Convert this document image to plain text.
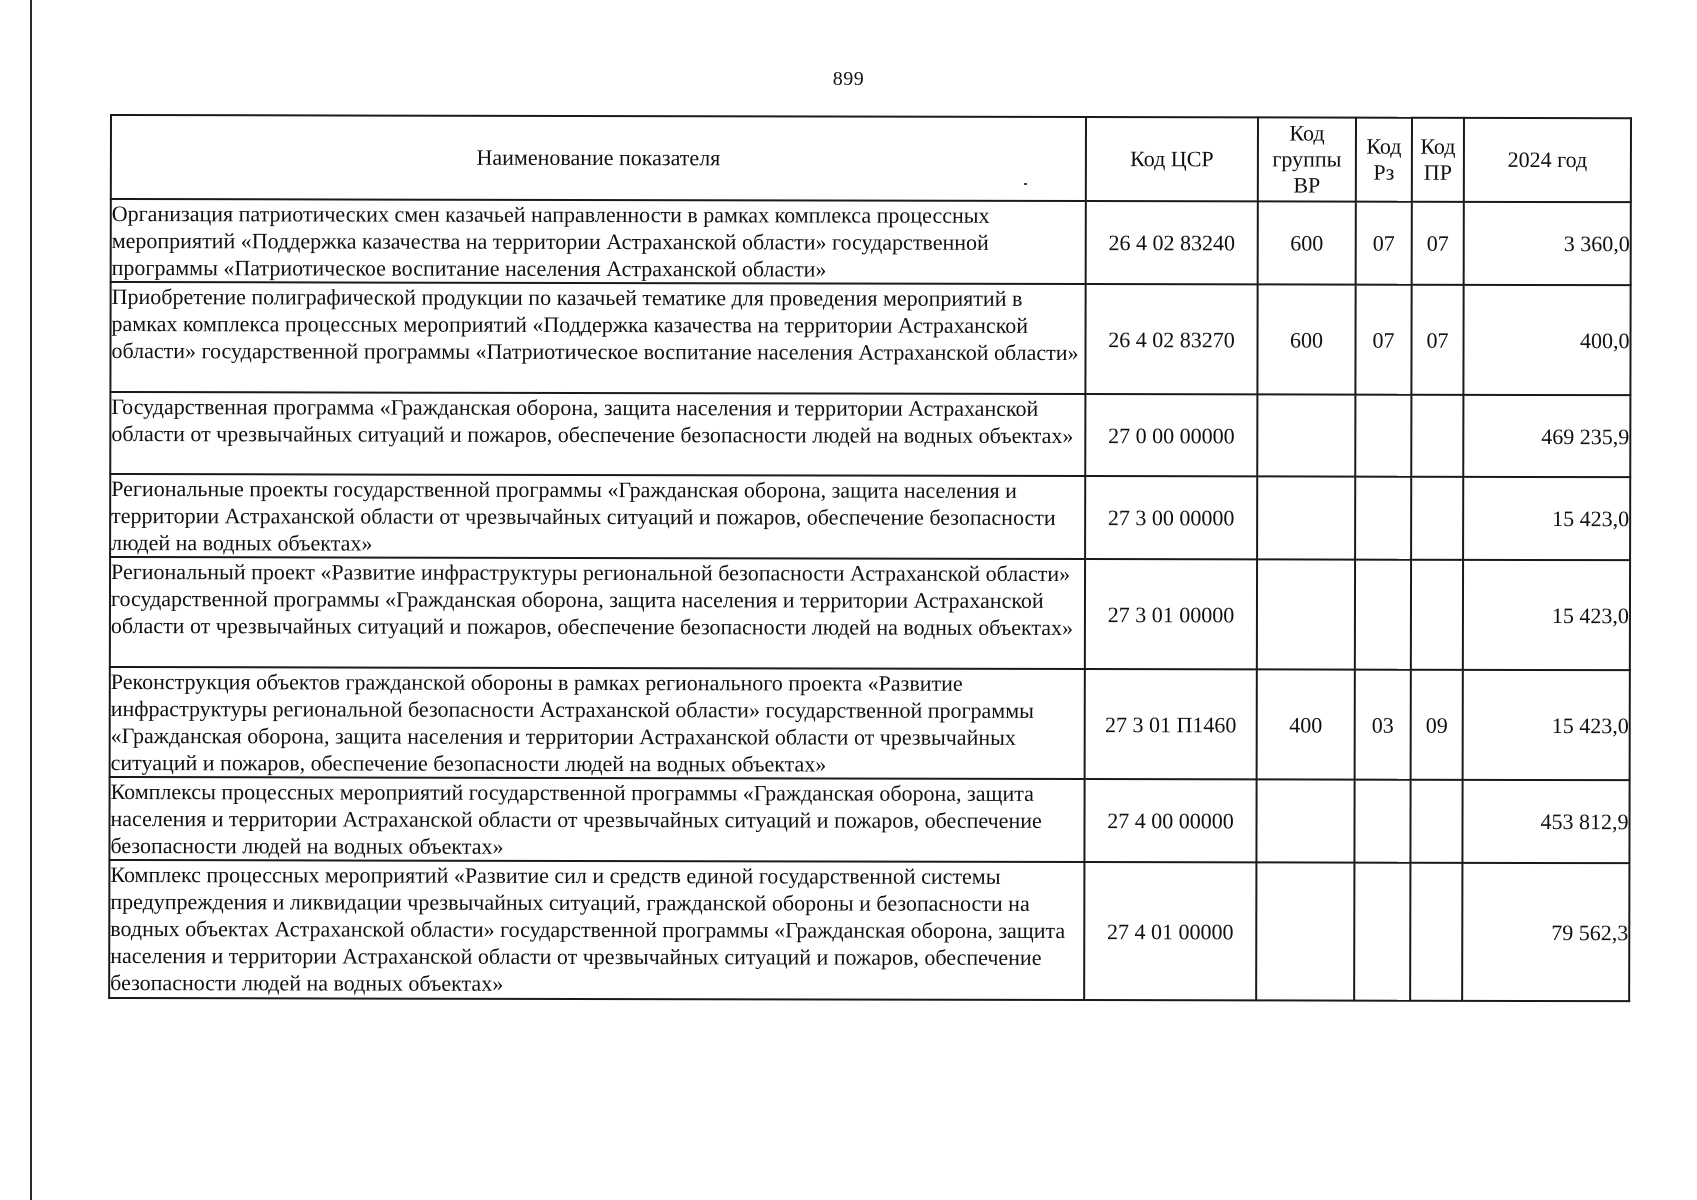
899
Наименование показателя	Код ЦСР	Код группы ВР	Код Рз	Код ПР	2024 год
Организация патриотических смен казачьей направленности в рамках комплекса процессных мероприятий «Поддержка казачества на территории Астраханской области» государственной программы «Патриотическое воспитание населения Астраханской области»	26 4 02 83240	600	07	07	3 360,0
Приобретение полиграфической продукции по казачьей тематике для проведения мероприятий в рамках комплекса процессных мероприятий «Поддержка казачества на территории Астраханской области» государственной программы «Патриотическое воспитание населения Астраханской области»	26 4 02 83270	600	07	07	400,0
Государственная программа «Гражданская оборона, защита населения и территории Астраханской области от чрезвычайных ситуаций и пожаров, обеспечение безопасности людей на водных объектах»	27 0 00 00000				469 235,9
Региональные проекты государственной программы «Гражданская оборона, защита населения и территории Астраханской области от чрезвычайных ситуаций и пожаров, обеспечение безопасности людей на водных объектах»	27 3 00 00000				15 423,0
Региональный проект «Развитие инфраструктуры региональной безопасности Астраханской области» государственной программы «Гражданская оборона, защита населения и территории Астраханской области от чрезвычайных ситуаций и пожаров, обеспечение безопасности людей на водных объектах»	27 3 01 00000				15 423,0
Реконструкция объектов гражданской обороны в рамках регионального проекта «Развитие инфраструктуры региональной безопасности Астраханской области» государственной программы «Гражданская оборона, защита населения и территории Астраханской области от чрезвычайных ситуаций и пожаров, обеспечение безопасности людей на водных объектах»	27 3 01 П1460	400	03	09	15 423,0
Комплексы процессных мероприятий государственной программы «Гражданская оборона, защита населения и территории Астраханской области от чрезвычайных ситуаций и пожаров, обеспечение безопасности людей на водных объектах»	27 4 00 00000				453 812,9
Комплекс процессных мероприятий «Развитие сил и средств единой государственной системы предупреждения и ликвидации чрезвычайных ситуаций, гражданской обороны и безопасности на водных объектах Астраханской области» государственной программы «Гражданская оборона, защита населения и территории Астраханской области от чрезвычайных ситуаций и пожаров, обеспечение безопасности людей на водных объектах»	27 4 01 00000				79 562,3
